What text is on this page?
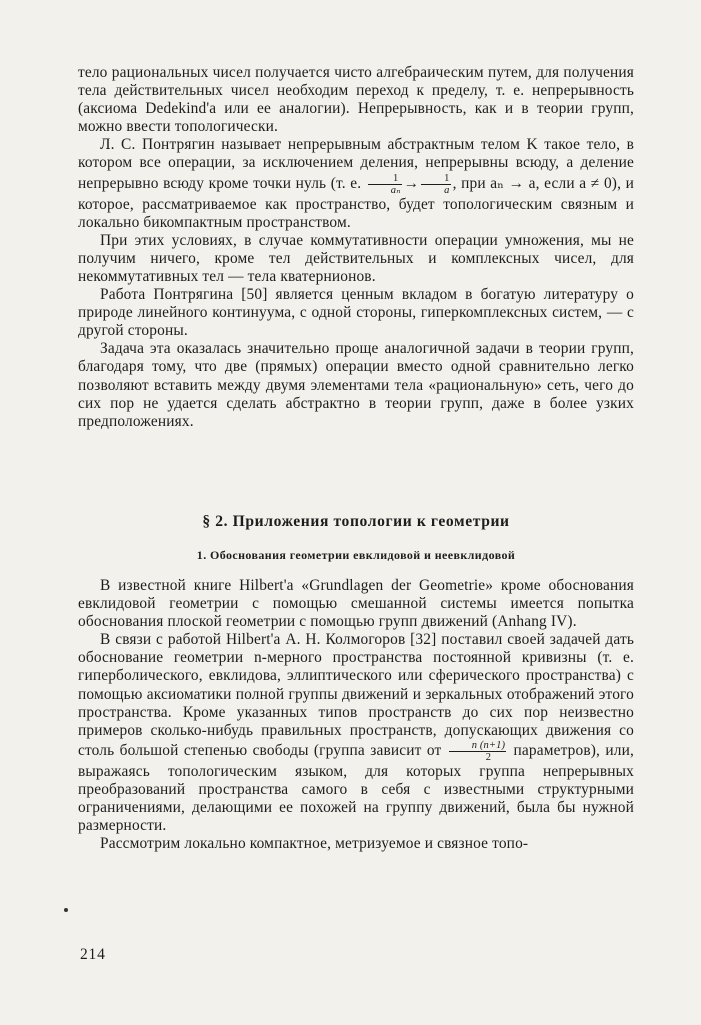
тело рациональных чисел получается чисто алгебраическим путем, для получения тела действительных чисел необходим переход к пределу, т. е. непрерывность (аксиома Dedekind'а или ее аналогии). Непрерывность, как и в теории групп, можно ввести топологически.

Л. С. Понтрягин называет непрерывным абстрактным телом K такое тело, в котором все операции, за исключением деления, непрерывны всюду, а деление непрерывно всюду кроме точки нуль (т. е. $\frac{1}{\text{aₙ}} \to \frac{1}{a}$ , при aₙ → a, если a ≠ 0), и которое, рассматриваемое как пространство, будет топологическим связным и локально бикомпактным пространством.

При этих условиях, в случае коммутативности операции умножения, мы не получим ничего, кроме тел действительных и комплексных чисел, для некоммутативных тел — тела кватернионов.

Работа Понтрягина [50] является ценным вкладом в богатую литературу о природе линейного континуума, с одной стороны, гиперкомплексных систем, — с другой стороны.

Задача эта оказалась значительно проще аналогичной задачи в теории групп, благодаря тому, что две (прямых) операции вместо одной сравнительно легко позволяют вставить между двумя элементами тела «рациональную» сеть, чего до сих пор не удается сделать абстрактно в теории групп, даже в более узких предположениях.

§ 2. Приложения топологии к геометрии
1. Обоснования геометрии евклидовой и неевклидовой

В известной книге Hilbert'а «Grundlagen der Geometrie» кроме обоснования евклидовой геометрии с помощью смешанной системы имеется попытка обоснования плоской геометрии с помощью групп движений (Anhang IV).

В связи с работой Hilbert'а А. Н. Колмогоров [32] поставил своей задачей дать обоснование геометрии n-мерного пространства постоянной кривизны (т. е. гиперболического, евклидова, эллиптического или сферического пространства) с помощью аксиоматики полной группы движений и зеркальных отображений этого пространства. Кроме указанных типов пространств до сих пор неизвестно примеров сколько-нибудь правильных пространств, допускающих движения со столь большой степенью свободы (группа зависит от $\frac{n (n+1)}{2}$ параметров), или, выражаясь топологическим языком, для которых группа непрерывных преобразований пространства самого в себя с известными структурными ограничениями, делающими ее похожей на группу движений, была бы нужной размерности.

Рассмотрим локально компактное, метризуемое и связное топо-

214
